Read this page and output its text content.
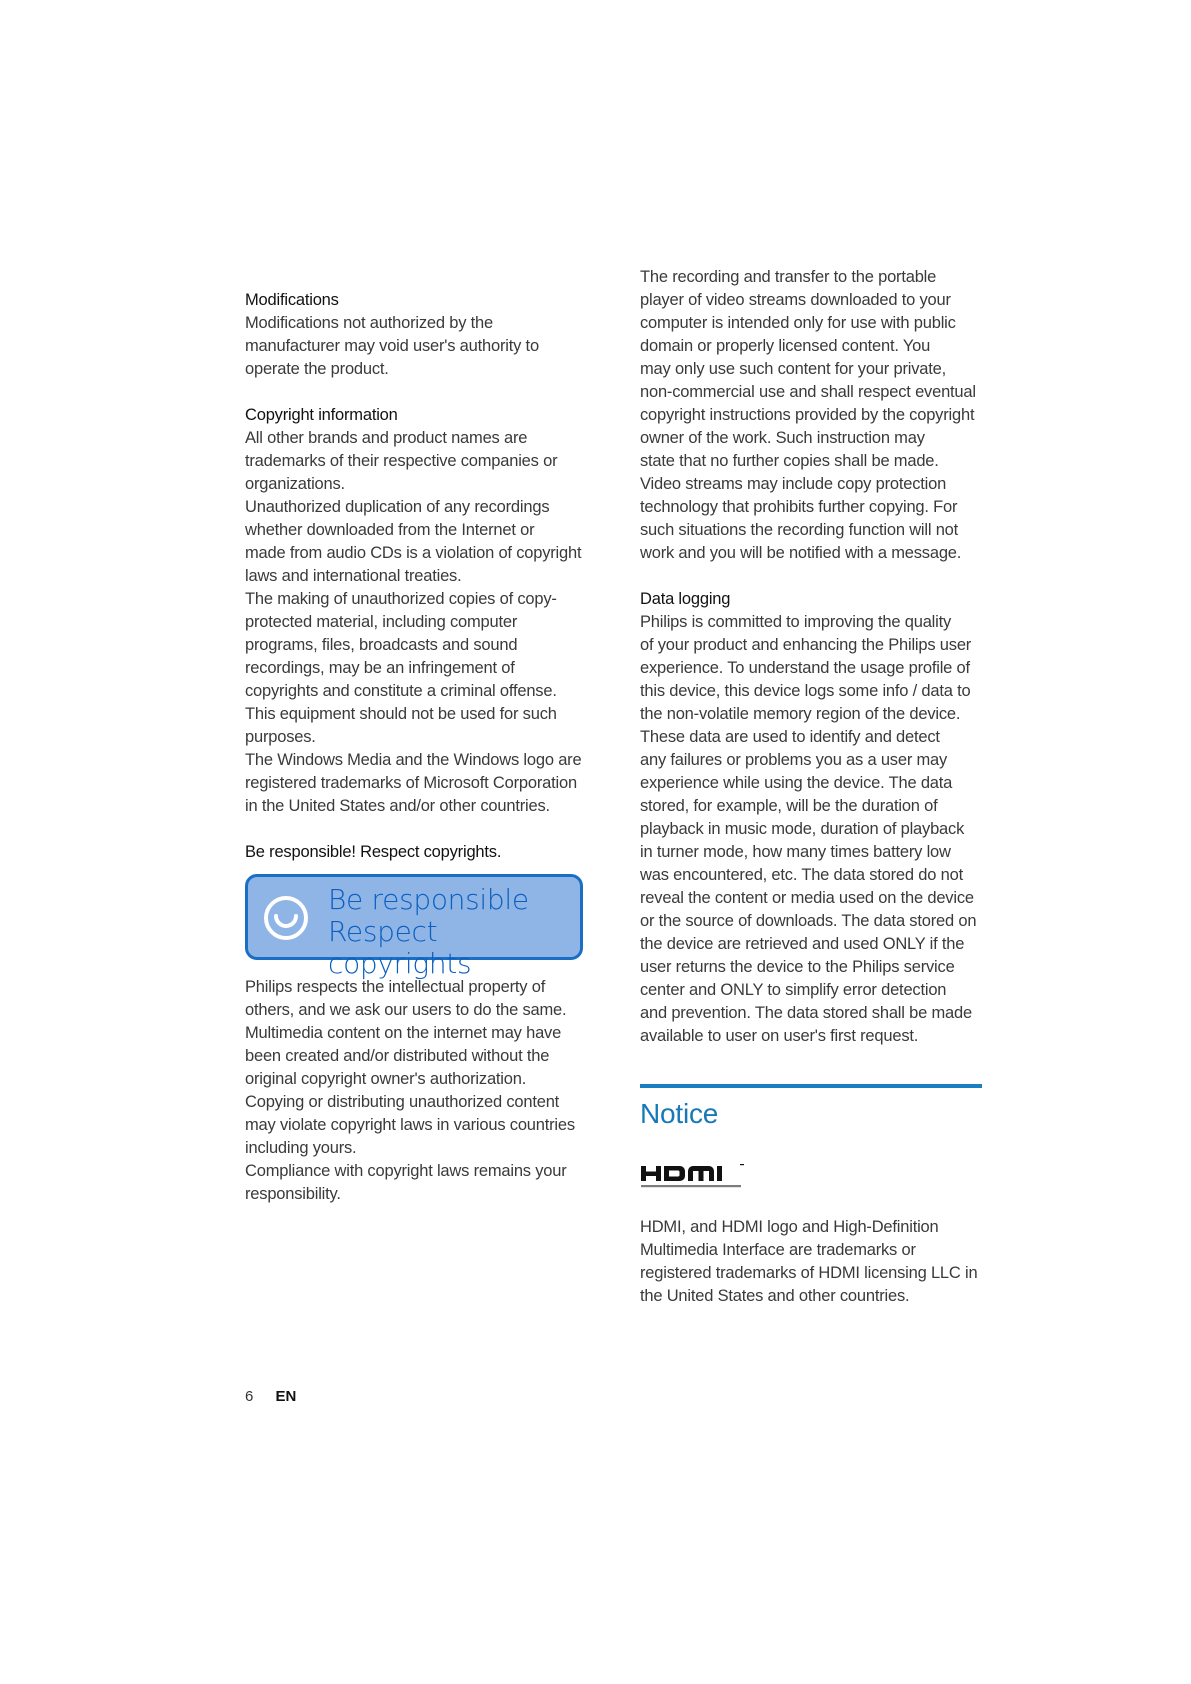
Modifications

Modifications not authorized by the

manufacturer may void user's authority to

operate the product.

Copyright information

All other brands and product names are

trademarks of their respective companies or

organizations.

Unauthorized duplication of any recordings

whether downloaded from the Internet or

made from audio CDs is a violation of copyright

laws and international treaties.

The making of unauthorized copies of copy-

protected material, including computer

programs, files, broadcasts and sound

recordings, may be an infringement of

copyrights and constitute a criminal offense.

This equipment should not be used for such

purposes.

The Windows Media and the Windows logo are

registered trademarks of Microsoft Corporation

in the United States and/or other countries.

Be responsible! Respect copyrights.

Be responsible
Respect copyrights

Philips respects the intellectual property of

others, and we ask our users to do the same.

Multimedia content on the internet may have

been created and/or distributed without the

original copyright owner's authorization.

Copying or distributing unauthorized content

may violate copyright laws in various countries

including yours.

Compliance with copyright laws remains your

responsibility.

The recording and transfer to the portable

player of video streams downloaded to your

computer is intended only for use with public

domain or properly licensed content. You

may only use such content for your private,

non-commercial use and shall respect eventual

copyright instructions provided by the copyright

owner of the work. Such instruction may

state that no further copies shall be made.

Video streams may include copy protection

technology that prohibits further copying. For

such situations the recording function will not

work and you will be notified with a message.

Data logging

Philips is committed to improving the quality

of your product and enhancing the Philips user

experience. To understand the usage profile of

this device, this device logs some info / data to

the non-volatile memory region of the device.

These data are used to identify and detect

any failures or problems you as a user may

experience while using the device. The data

stored, for example, will be the duration of

playback in music mode, duration of playback

in turner mode, how many times battery low

was encountered, etc. The data stored do not

reveal the content or media used on the device

or the source of downloads. The data stored on

the device are retrieved and used ONLY if the

user returns the device to the Philips service

center and ONLY to simplify error detection

and prevention. The data stored shall be made

available to user on user's first request.

Notice

HDMI, and HDMI logo and High-Definition

Multimedia Interface are trademarks or

registered trademarks of HDMI licensing LLC in

the United States and other countries.

6 EN
